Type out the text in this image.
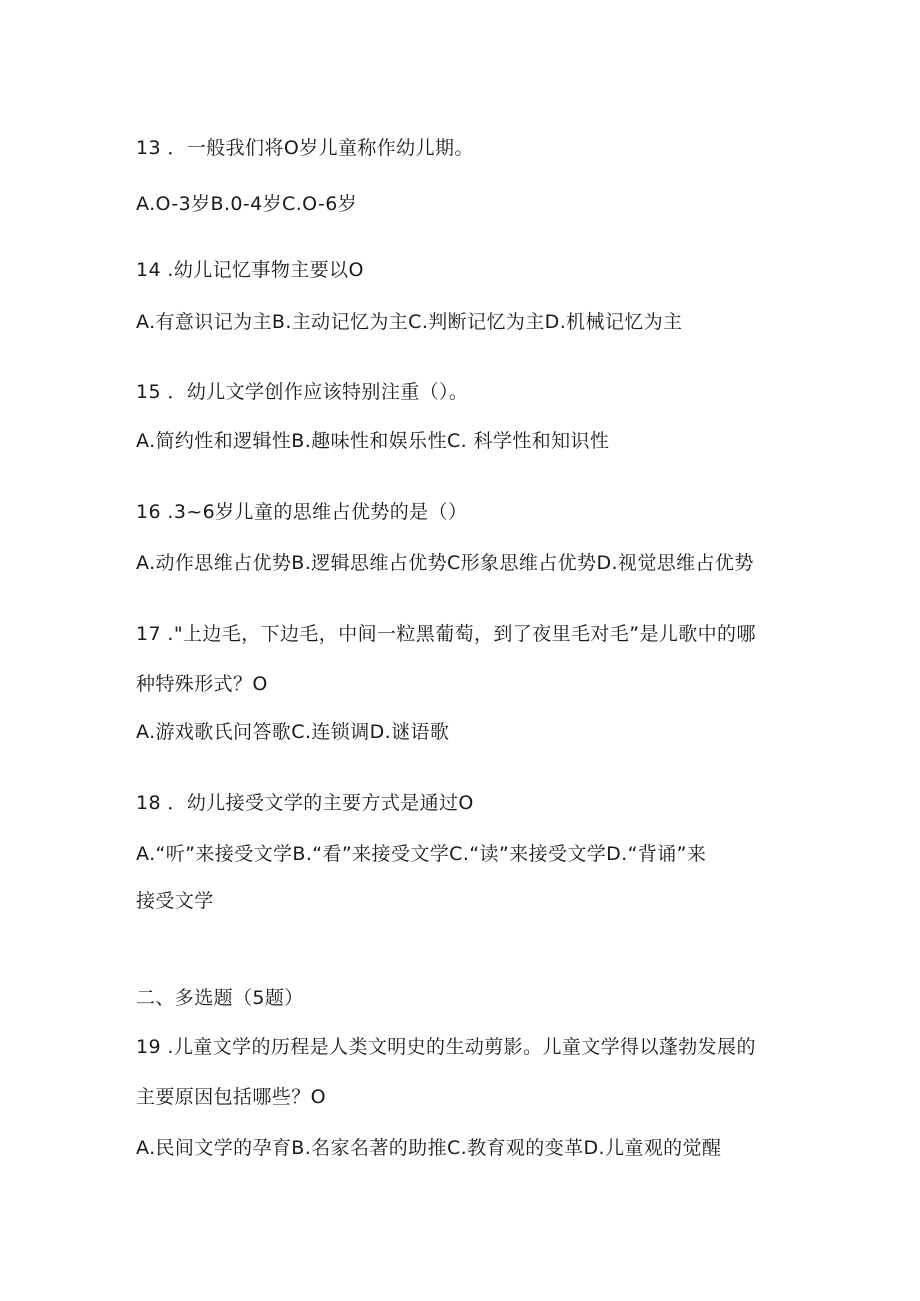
13 ．一般我们将O岁儿童称作幼儿期。
A.O-3岁B.0-4岁C.O-6岁
14 .幼儿记忆事物主要以O
A.有意识记为主B.主动记忆为主C.判断记忆为主D.机械记忆为主
15 ．幼儿文学创作应该特别注重（）。
A.简约性和逻辑性B.趣味性和娱乐性C. 科学性和知识性
16 .3~6岁儿童的思维占优势的是（）
A.动作思维占优势B.逻辑思维占优势C形象思维占优势D.视觉思维占优势
17 ."上边毛，下边毛，中间一粒黑葡萄，到了夜里毛对毛”是儿歌中的哪
种特殊形式？O
A.游戏歌氏问答歌C.连锁调D.谜语歌
18 ．幼儿接受文学的主要方式是通过O
A.“听”来接受文学B.“看”来接受文学C.“读”来接受文学D.“背诵”来
接受文学
二、多选题（5题）
19 .儿童文学的历程是人类文明史的生动剪影。儿童文学得以蓬勃发展的
主要原因包括哪些？O
A.民间文学的孕育B.名家名著的助推C.教育观的变革D.儿童观的觉醒
